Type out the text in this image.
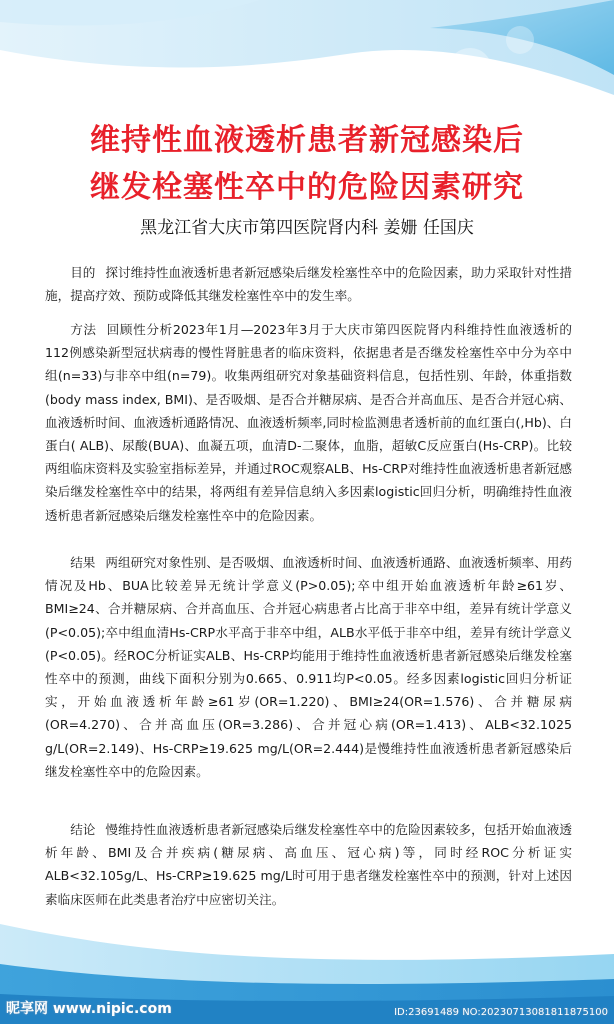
维持性血液透析患者新冠感染后
继发栓塞性卒中的危险因素研究
黑龙江省大庆市第四医院肾内科 姜姗 任国庆
目的 探讨维持性血液透析患者新冠感染后继发栓塞性卒中的危险因素，助力采取针对性措施，提高疗效、预防或降低其继发栓塞性卒中的发生率。
方法 回顾性分析2023年1月—2023年3月于大庆市第四医院肾内科维持性血液透析的112例感染新型冠状病毒的慢性肾脏患者的临床资料，依据患者是否继发栓塞性卒中分为卒中组(n=33)与非卒中组(n=79)。收集两组研究对象基础资料信息，包括性别、年龄，体重指数(body mass index, BMI)、是否吸烟、是否合并糖尿病、是否合并高血压、是否合并冠心病、血液透析时间、血液透析通路情况、血液透析频率,同时检监测患者透析前的血红蛋白(,Hb)、白蛋白( ALB)、尿酸(BUA)、血凝五项，血清D-二聚体，血脂，超敏C反应蛋白(Hs-CRP)。比较两组临床资料及实验室指标差异，并通过ROC观察ALB、Hs-CRP对维持性血液透析患者新冠感染后继发栓塞性卒中的结果，将两组有差异信息纳入多因素logistic回归分析，明确维持性血液透析患者新冠感染后继发栓塞性卒中的危险因素。
结果 两组研究对象性别、是否吸烟、血液透析时间、血液透析通路、血液透析频率、用药情况及Hb、BUA比较差异无统计学意义(P>0.05);卒中组开始血液透析年龄≥61岁、BMI≥24、合并糖尿病、合并高血压、合并冠心病患者占比高于非卒中组，差异有统计学意义(P<0.05);卒中组血清Hs-CRP水平高于非卒中组，ALB水平低于非卒中组，差异有统计学意义(P<0.05)。经ROC分析证实ALB、Hs-CRP均能用于维持性血液透析患者新冠感染后继发栓塞性卒中的预测，曲线下面积分别为0.665、0.911均P<0.05。经多因素logistic回归分析证实，开始血液透析年龄≥61岁(OR=1.220)、BMI≥24(OR=1.576)、合并糖尿病(OR=4.270)、合并高血压(OR=3.286)、合并冠心病(OR=1.413)、ALB<32.1025 g/L(OR=2.149)、Hs-CRP≥19.625 mg/L(OR=2.444)是慢维持性血液透析患者新冠感染后继发栓塞性卒中的危险因素。
结论 慢维持性血液透析患者新冠感染后继发栓塞性卒中的危险因素较多，包括开始血液透析年龄、BMI及合并疾病(糖尿病、高血压、冠心病)等，同时经ROC分析证实ALB<32.105g/L、Hs-CRP≥19.625 mg/L时可用于患者继发栓塞性卒中的预测，针对上述因素临床医师在此类患者治疗中应密切关注。
昵享网 www.nipic.com	ID:23691489 NO:20230713081811875100
